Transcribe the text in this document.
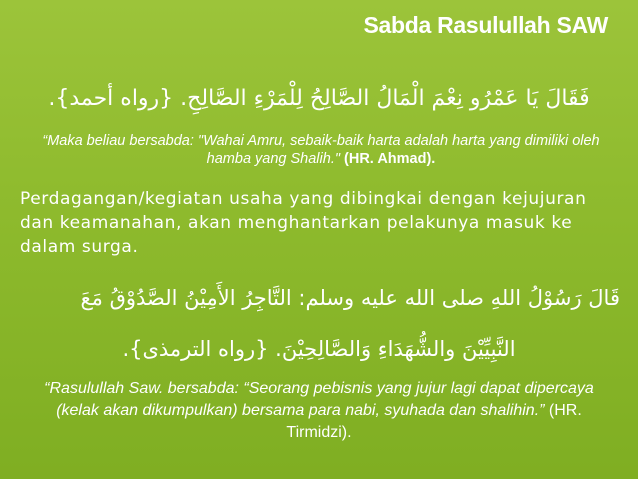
Sabda Rasulullah SAW
فَقَالَ يَا عَمْرُو نِعْمَ الْمَالُ الصَّالِحُ لِلْمَرْءِ الصَّالِحِ. {رواه أحمد}.
“Maka beliau bersabda: "Wahai Amru, sebaik-baik harta adalah harta yang dimiliki oleh hamba yang Shalih." (HR. Ahmad).
Perdagangan/kegiatan usaha yang dibingkai dengan kejujuran dan keamanahan, akan menghantarkan pelakunya masuk ke dalam surga.
قَالَ رَسُوْلُ اللهِ صلى الله عليه وسلم: التَّاجِرُ الأَمِيْنُ الصَّدُوْقُ مَعَ
النَّبِيِّيْنَ والشُّهَدَاءِ وَالصَّالِحِيْنَ. {رواه الترمذى}.
“Rasulullah Saw. bersabda: “Seorang pebisnis yang jujur lagi dapat dipercaya (kelak akan dikumpulkan) bersama para nabi, syuhada dan shalihin.” (HR. Tirmidzi).
